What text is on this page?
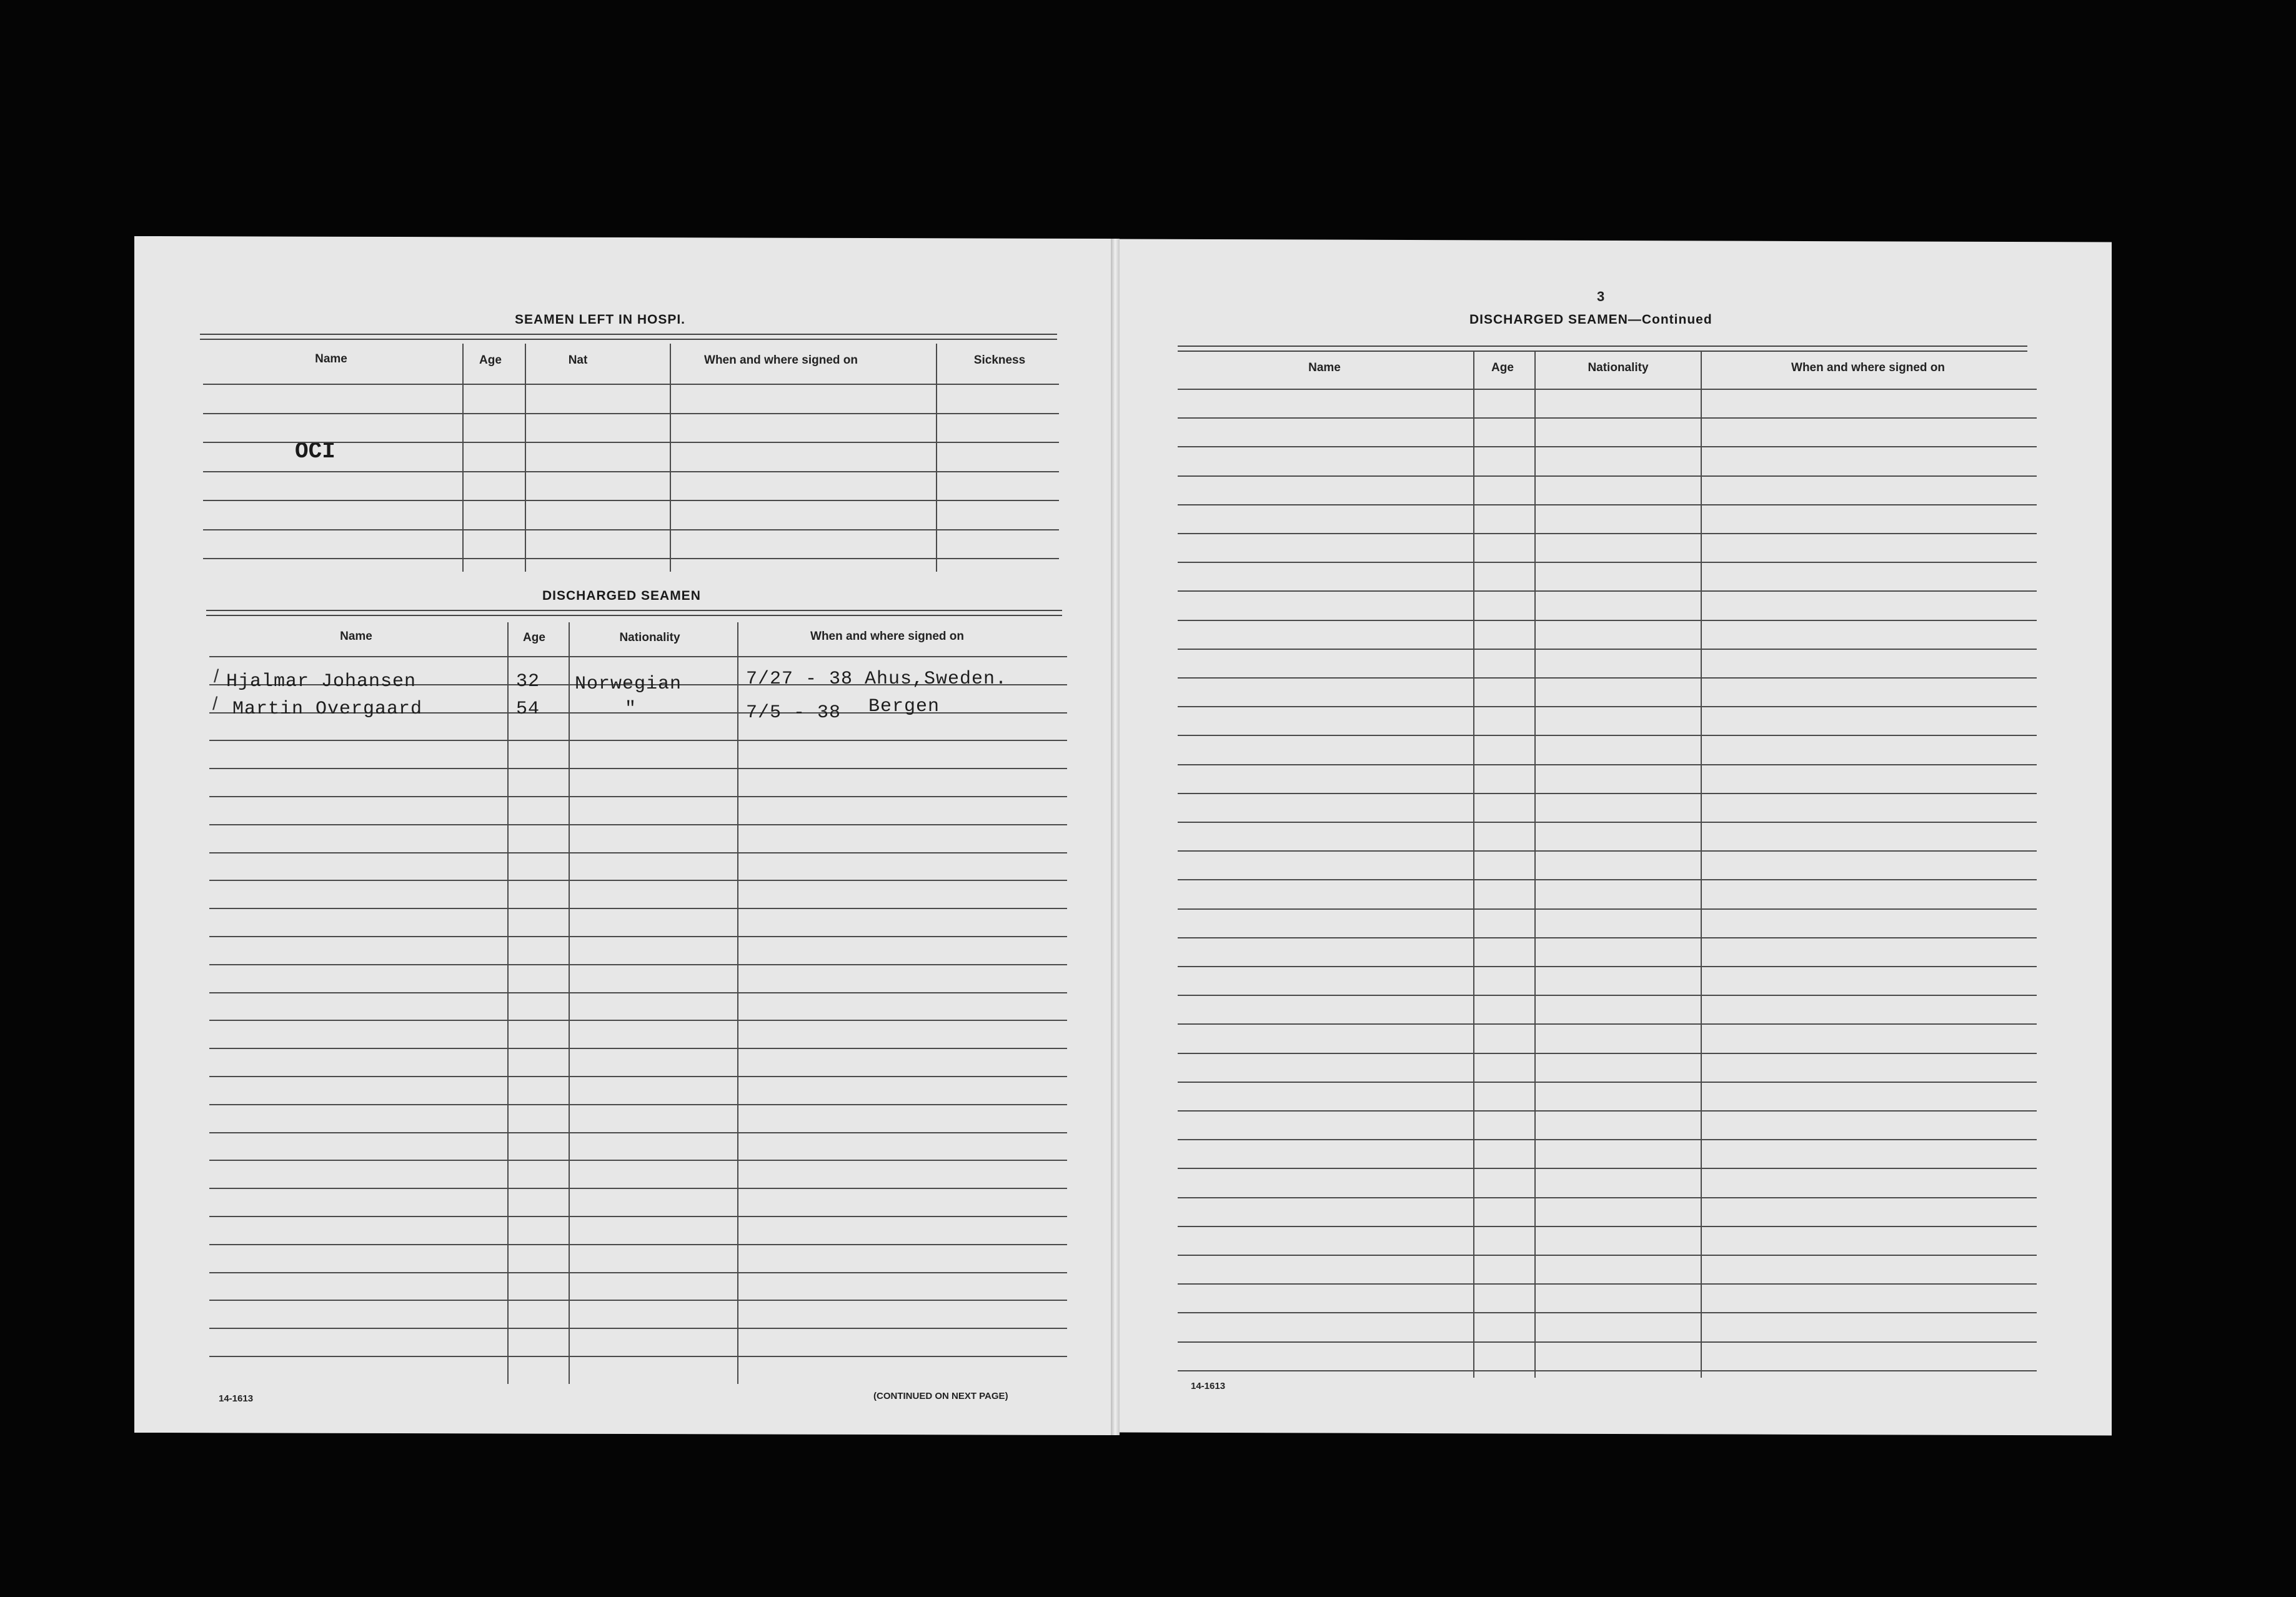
SEAMEN LEFT IN HOSPI.
Name	Age	Nat	When and where signed on	Sickness
OCI
DISCHARGED SEAMEN
Name	Age	Nationality	When and where signed on
/
/
Hjalmar Johansen	32 Norwegian	7/27 - 38 Ahus,Sweden.
Martin Overgaard	54	"	7/5 - 38 Bergen
14-1613	(CONTINUED ON NEXT PAGE)
3
DISCHARGED SEAMEN—Continued
Name	Age	Nationality	When and where signed on
14-1613
